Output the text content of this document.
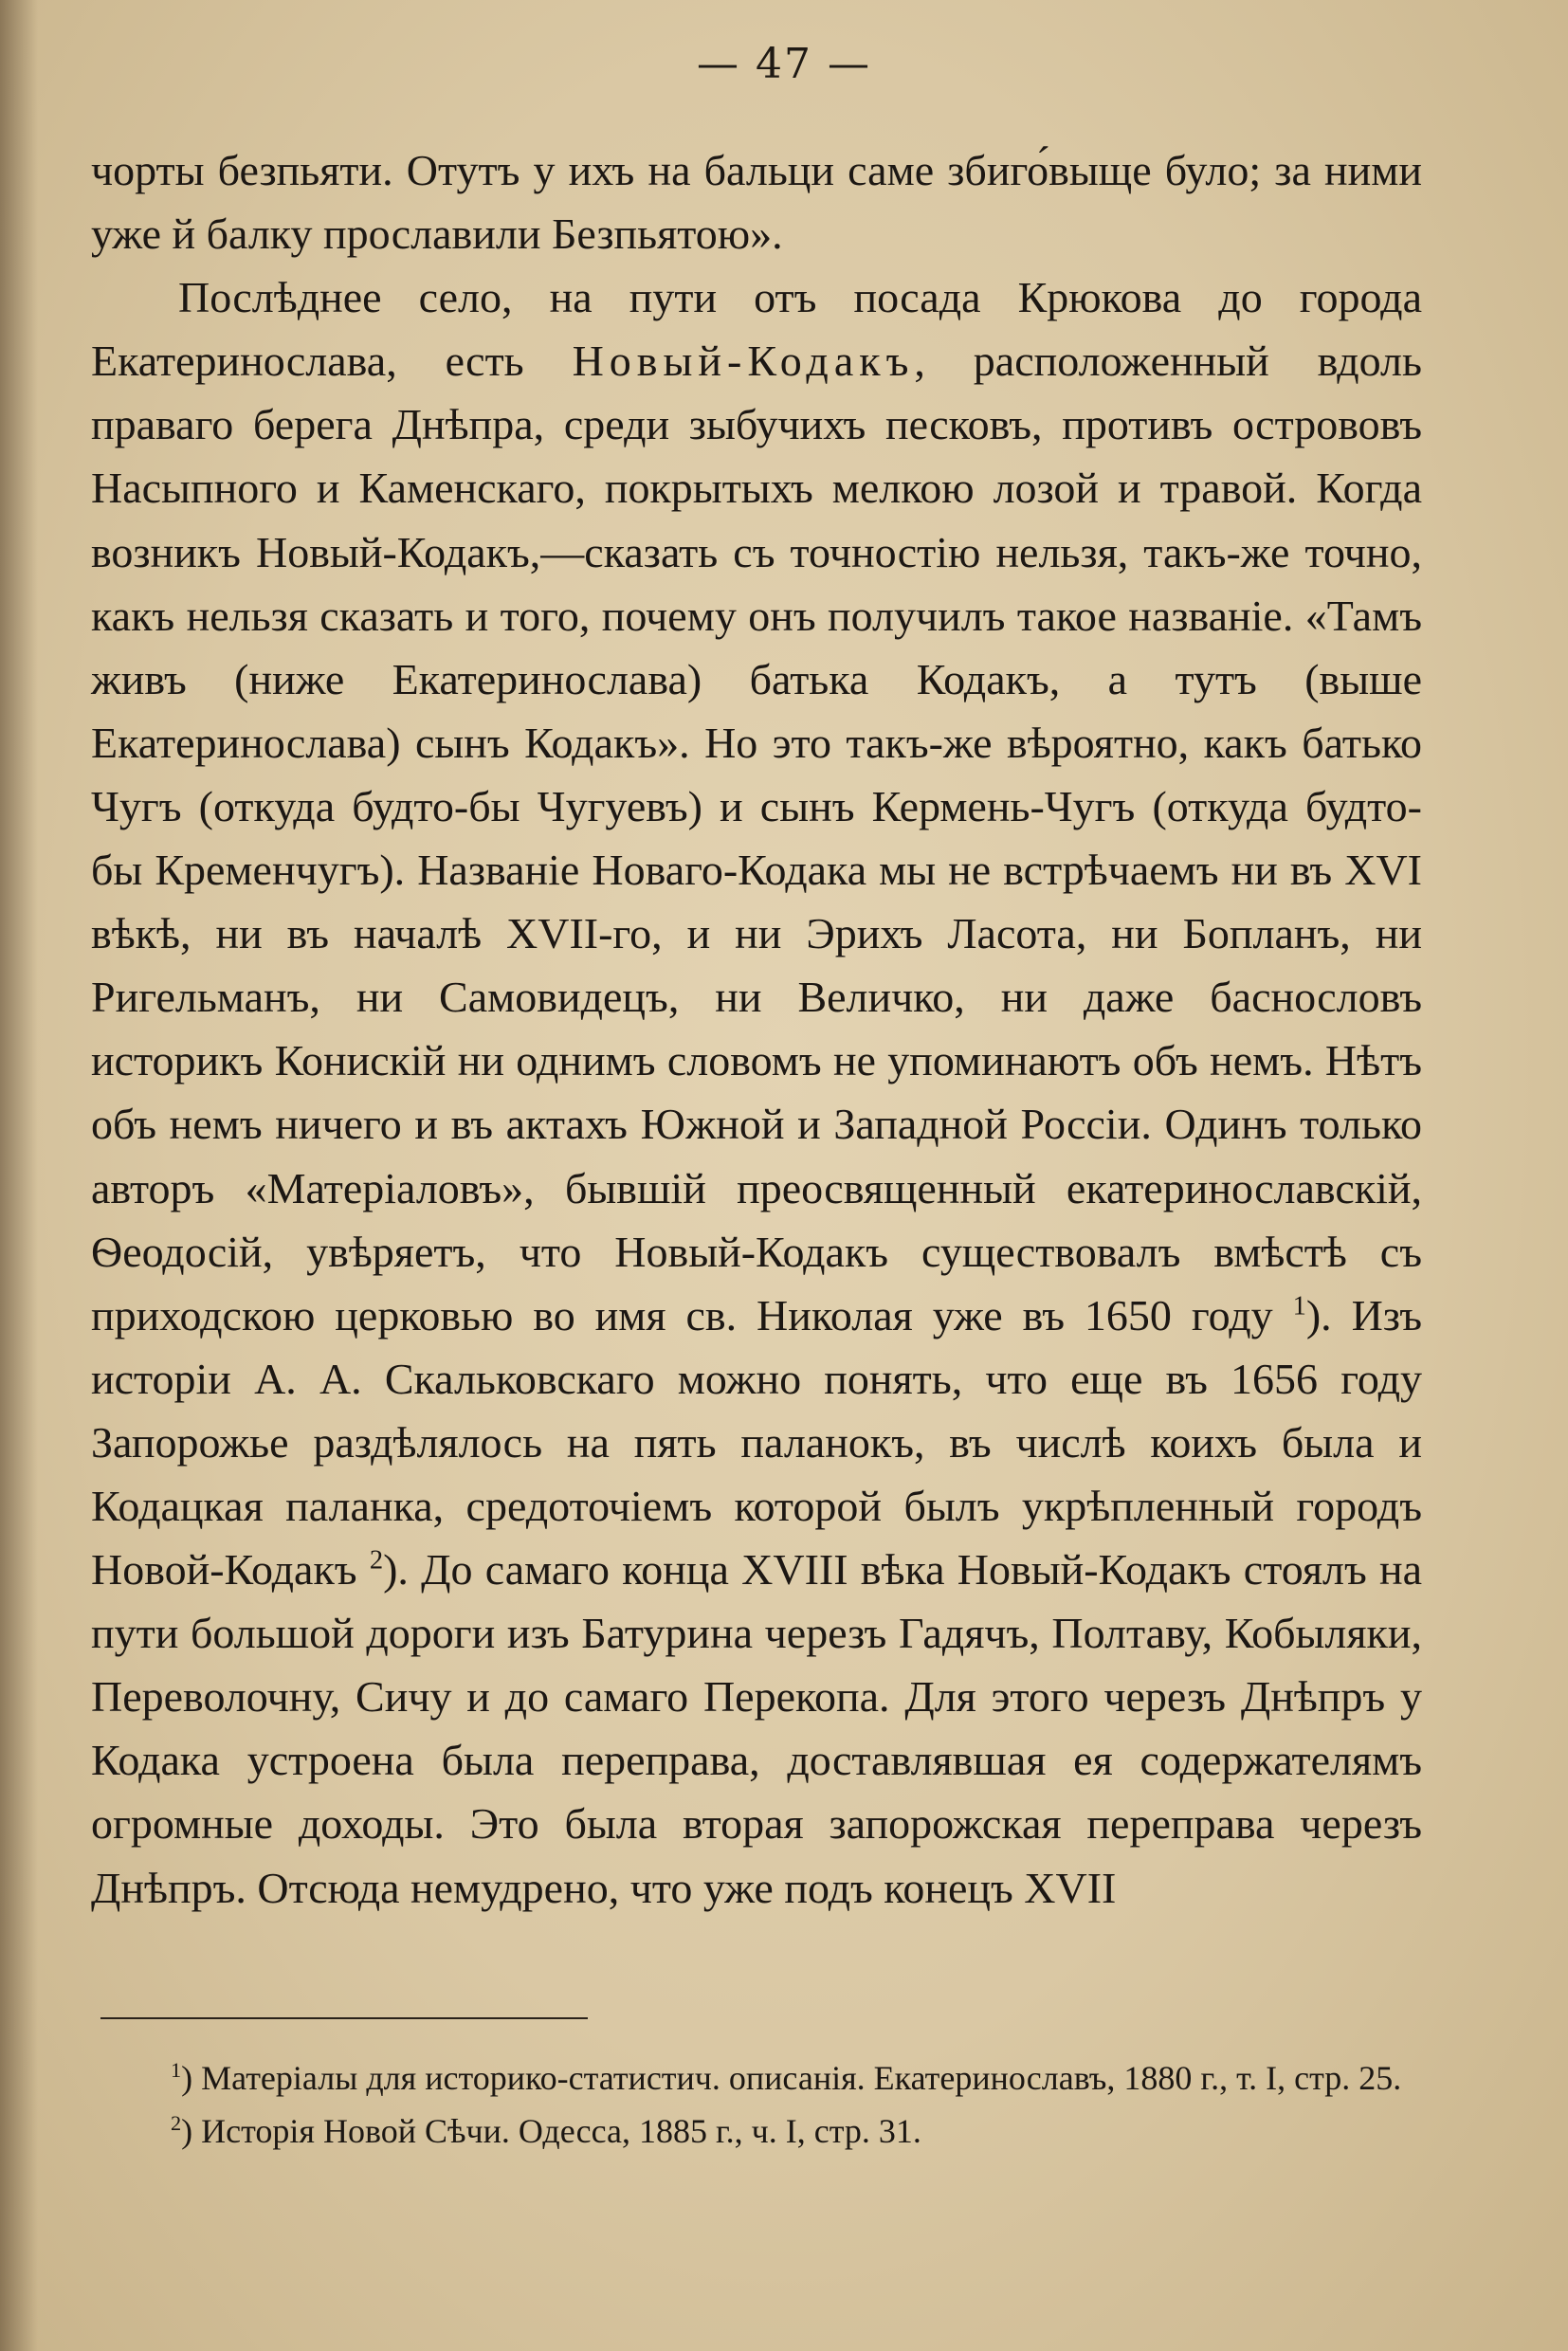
— 47 —

чорты безпьяти. Отутъ у ихъ на бальци саме збиго́выще було; за ними уже й балку прославили Безпьятою».

Послѣднее село, на пути отъ посада Крюкова до города Екатеринослава, есть Новый-Кодакъ, расположенный вдоль праваго берега Днѣпра, среди зыбучихъ песковъ, противъ острововъ Насыпного и Каменскаго, покрытыхъ мелкою лозой и травой. Когда возникъ Новый-Кодакъ,—сказать съ точностію нельзя, такъ-же точно, какъ нельзя сказать и того, почему онъ получилъ такое названіе. «Тамъ живъ (ниже Екатеринослава) батька Кодакъ, а тутъ (выше Екатеринослава) сынъ Кодакъ». Но это такъ-же вѣроятно, какъ батько Чугъ (откуда будто-бы Чугуевъ) и сынъ Кермень-Чугъ (откуда будто-бы Кременчугъ). Названіе Новаго-Кодака мы не встрѣчаемъ ни въ XVI вѣкѣ, ни въ началѣ XVII-го, и ни Эрихъ Ласота, ни Бопланъ, ни Ригельманъ, ни Самовидецъ, ни Величко, ни даже баснословъ историкъ Конискій ни однимъ словомъ не упоминаютъ объ немъ. Нѣтъ объ немъ ничего и въ актахъ Южной и Западной Россіи. Одинъ только авторъ «Матеріаловъ», бывшій преосвященный екатеринославскій, Ѳеодосій, увѣряетъ, что Новый-Кодакъ существовалъ вмѣстѣ съ приходскою церковью во имя св. Николая уже въ 1650 году $^1$). Изъ исторіи А. А. Скальковскаго можно понять, что еще въ 1656 году Запорожье раздѣлялось на пять паланокъ, въ числѣ коихъ была и Кодацкая паланка, средоточіемъ которой былъ укрѣпленный городъ Новой-Кодакъ $^2$). До самаго конца XVIII вѣка Новый-Кодакъ стоялъ на пути большой дороги изъ Батурина черезъ Гадячъ, Полтаву, Кобыляки, Переволочну, Сичу и до самаго Перекопа. Для этого черезъ Днѣпръ у Кодака устроена была переправа, доставлявшая ея содержателямъ огромные доходы. Это была вторая запорожская переправа черезъ Днѣпръ. Отсюда немудрено, что уже подъ конецъ XVII

$^1$) Матеріалы для историко-статистич. описанія. Екатеринославъ, 1880 г., т. I, стр. 25.

$^2$) Исторія Новой Сѣчи. Одесса, 1885 г., ч. I, стр. 31.
